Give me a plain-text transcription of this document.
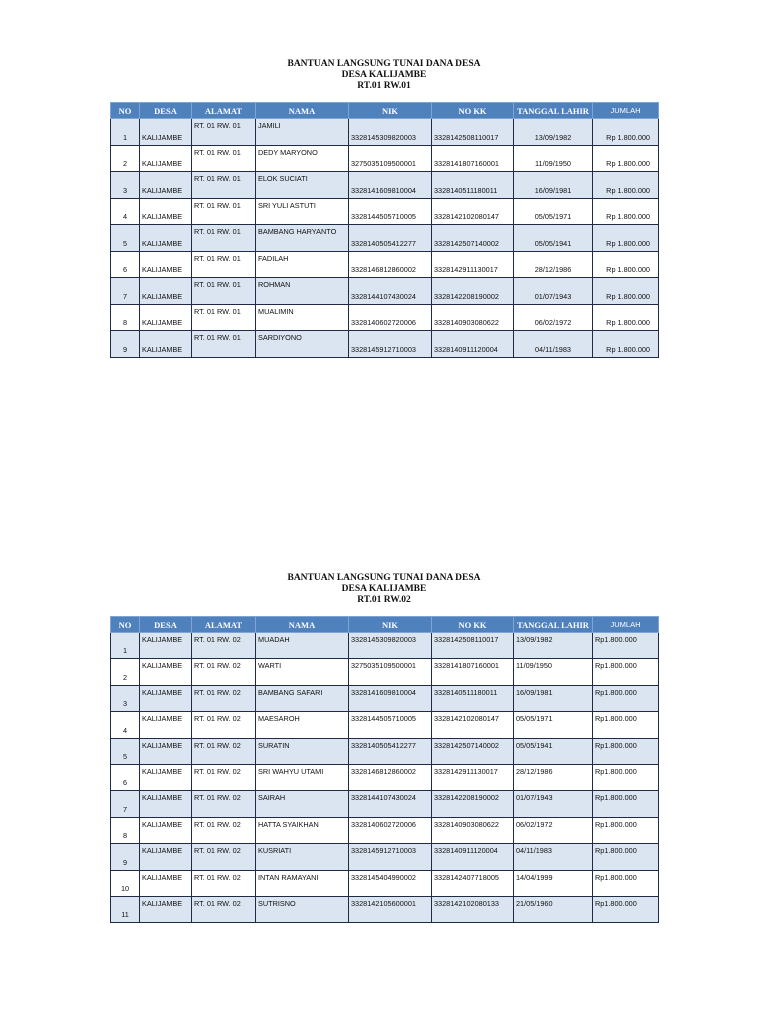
BANTUAN LANGSUNG TUNAI DANA DESA
DESA KALIJAMBE
RT.01 RW.01
NO	DESA	ALAMAT	NAMA	NIK	NO KK	TANGGAL LAHIR	JUMLAH
1	KALIJAMBE	RT. 01 RW. 01	JAMILI	3328145309820003	3328142508110017	13/09/1982	Rp 1.800.000
2	KALIJAMBE	RT. 01 RW. 01	DEDY MARYONO	3275035109500001	3328141807160001	11/09/1950	Rp 1.800.000
3	KALIJAMBE	RT. 01 RW. 01	ELOK SUCIATI	3328141609810004	3328140511180011	16/09/1981	Rp 1.800.000
4	KALIJAMBE	RT. 01 RW. 01	SRI YULI ASTUTI	3328144505710005	3328142102080147	05/05/1971	Rp 1.800.000
5	KALIJAMBE	RT. 01 RW. 01	BAMBANG HARYANTO	3328140505412277	3328142507140002	05/05/1941	Rp 1.800.000
6	KALIJAMBE	RT. 01 RW. 01	FADILAH	3328146812860002	3328142911130017	28/12/1986	Rp 1.800.000
7	KALIJAMBE	RT. 01 RW. 01	ROHMAN	3328144107430024	3328142208190002	01/07/1943	Rp 1.800.000
8	KALIJAMBE	RT. 01 RW. 01	MUALIMIN	3328140602720006	3328140903080622	06/02/1972	Rp 1.800.000
9	KALIJAMBE	RT. 01 RW. 01	SARDIYONO	3328145912710003	3328140911120004	04/11/1983	Rp 1.800.000
BANTUAN LANGSUNG TUNAI DANA DESA
DESA KALIJAMBE
RT.01 RW.02
NO	DESA	ALAMAT	NAMA	NIK	NO KK	TANGGAL LAHIR	JUMLAH
1	KALIJAMBE	RT. 01 RW. 02	MUADAH	3328145309820003	3328142508110017	13/09/1982	Rp1.800.000
2	KALIJAMBE	RT. 01 RW. 02	WARTI	3275035109500001	3328141807160001	11/09/1950	Rp1.800.000
3	KALIJAMBE	RT. 01 RW. 02	BAMBANG SAFARI	3328141609810004	3328140511180011	16/09/1981	Rp1.800.000
4	KALIJAMBE	RT. 01 RW. 02	MAESAROH	3328144505710005	3328142102080147	05/05/1971	Rp1.800.000
5	KALIJAMBE	RT. 01 RW. 02	SURATIN	3328140505412277	3328142507140002	05/05/1941	Rp1.800.000
6	KALIJAMBE	RT. 01 RW. 02	SRI WAHYU UTAMI	3328146812860002	3328142911130017	28/12/1986	Rp1.800.000
7	KALIJAMBE	RT. 01 RW. 02	SAIRAH	3328144107430024	3328142208190002	01/07/1943	Rp1.800.000
8	KALIJAMBE	RT. 01 RW. 02	HATTA SYAIKHAN	3328140602720006	3328140903080622	06/02/1972	Rp1.800.000
9	KALIJAMBE	RT. 01 RW. 02	KUSRIATI	3328145912710003	3328140911120004	04/11/1983	Rp1.800.000
10	KALIJAMBE	RT. 01 RW. 02	INTAN RAMAYANI	3328145404990002	3328142407718005	14/04/1999	Rp1.800.000
11	KALIJAMBE	RT. 01 RW. 02	SUTRISNO	3328142105600001	3328142102080133	21/05/1960	Rp1.800.000
